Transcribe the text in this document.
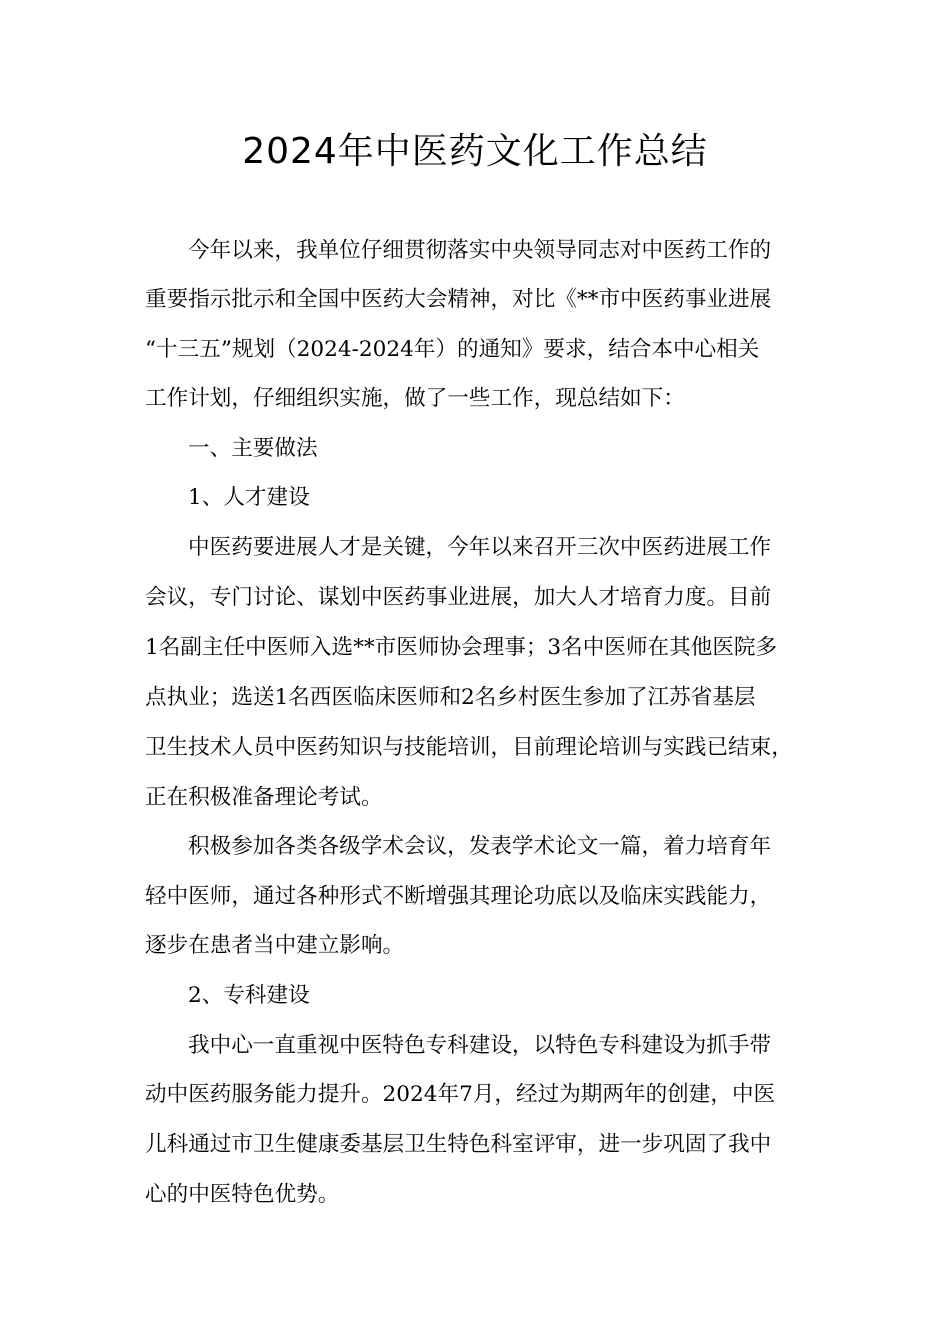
2024年中医药文化工作总结
今年以来，我单位仔细贯彻落实中央领导同志对中医药工作的
重要指示批示和全国中医药大会精神，对比《**市中医药事业进展
“十三五”规划（2024-2024年）的通知》要求，结合本中心相关
工作计划，仔细组织实施，做了一些工作，现总结如下：
一、主要做法
1、人才建设
中医药要进展人才是关键，今年以来召开三次中医药进展工作
会议，专门讨论、谋划中医药事业进展，加大人才培育力度。目前
1名副主任中医师入选**市医师协会理事；3名中医师在其他医院多
点执业；选送1名西医临床医师和2名乡村医生参加了江苏省基层
卫生技术人员中医药知识与技能培训，目前理论培训与实践已结束，
正在积极准备理论考试。
积极参加各类各级学术会议，发表学术论文一篇，着力培育年
轻中医师，通过各种形式不断增强其理论功底以及临床实践能力，
逐步在患者当中建立影响。
2、专科建设
我中心一直重视中医特色专科建设，以特色专科建设为抓手带
动中医药服务能力提升。2024年7月，经过为期两年的创建，中医
儿科通过市卫生健康委基层卫生特色科室评审，进一步巩固了我中
心的中医特色优势。
